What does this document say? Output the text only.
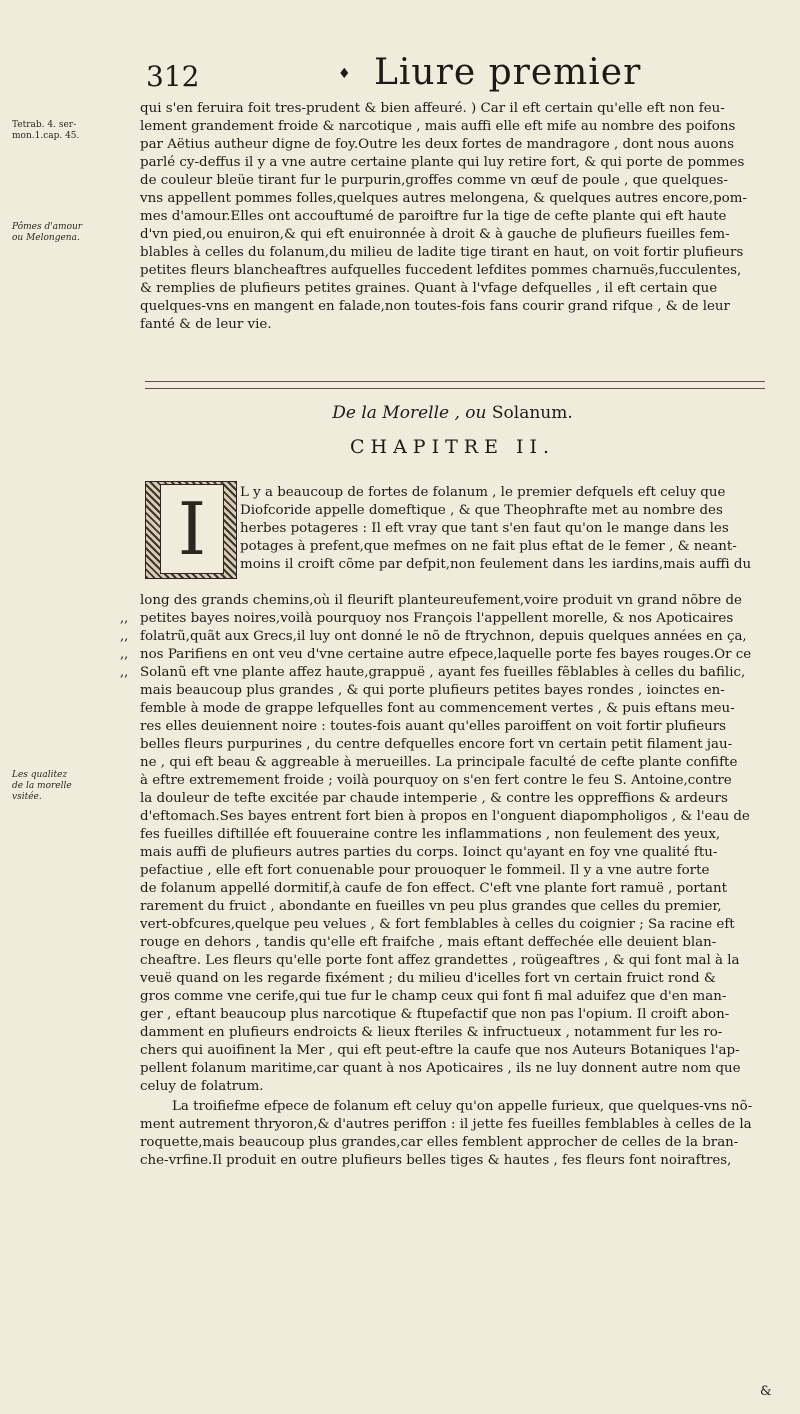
312	♦ Liure premier
Tetrab. 4. ser-
mon.1.cap. 45.
Pômes d'amour
ou Melongena.
Les qualitez
de la morelle
vsitée.
qui s'en feruira foit tres-prudent & bien affeuré. ) Car il eft certain qu'elle eft non feu-
lement grandement froide & narcotique , mais auffi elle eft mife au nombre des poifons
par Aëtius autheur digne de foy.Outre les deux fortes de mandragore , dont nous auons
parlé cy-deffus il y a vne autre certaine plante qui luy retire fort, & qui porte de pommes
de couleur bleüe tirant fur le purpurin,groffes comme vn œuf de poule , que quelques-
vns appellent pommes folles,quelques autres melongena, & quelques autres encore,pom-
mes d'amour.Elles ont accouftumé de paroiftre fur la tige de cefte plante qui eft haute
d'vn pied,ou enuiron,& qui eft enuironnée à droit & à gauche de plufieurs fueilles fem-
blables à celles du folanum,du milieu de ladite tige tirant en haut, on voit fortir plufieurs
petites fleurs blancheaftres aufquelles fuccedent lefdites pommes charnuës,fucculentes,
& remplies de plufieurs petites graines. Quant à l'vfage defquelles , il eft certain que
quelques-vns en mangent en falade,non toutes-fois fans courir grand rifque , & de leur
fanté & de leur vie.
De la Morelle , ou Solanum.
CHAPITRE II.
I	L y a beaucoup de fortes de folanum , le premier defquels eft celuy que
Diofcoride appelle domeftique , & que Theophrafte met au nombre des
herbes potageres : Il eft vray que tant s'en faut qu'on le mange dans les
potages à prefent,que mefmes on ne fait plus eftat de le femer , & neant-
moins il croift cõme par defpit,non feulement dans les iardins,mais auffi du
,,
,,
,,
,,
long des grands chemins,où il fleurift planteureufement,voire produit vn grand nõbre de
petites bayes noires,voilà pourquoy nos François l'appellent morelle, & nos Apoticaires
folatrũ,quãt aux Grecs,il luy ont donné le nõ de ftrychnon, depuis quelques années en ça,
nos Parifiens en ont veu d'vne certaine autre efpece,laquelle porte fes bayes rouges.Or ce
Solanũ eft vne plante affez haute,grappuë , ayant fes fueilles fẽblables à celles du bafilic,
mais beaucoup plus grandes , & qui porte plufieurs petites bayes rondes , ioinctes en-
femble à mode de grappe lefquelles font au commencement vertes , & puis eftans meu-
res elles deuiennent noire : toutes-fois auant qu'elles paroiffent on voit fortir plufieurs
belles fleurs purpurines , du centre defquelles encore fort vn certain petit filament jau-
ne , qui eft beau & aggreable à merueilles. La principale faculté de cefte plante confifte
à eftre extremement froide ; voilà pourquoy on s'en fert contre le feu S. Antoine,contre
la douleur de tefte excitée par chaude intemperie , & contre les oppreffions & ardeurs
d'eftomach.Ses bayes entrent fort bien à propos en l'onguent diapompholigos , & l'eau de
fes fueilles diftillée eft fouueraine contre les inflammations , non feulement des yeux,
mais auffi de plufieurs autres parties du corps. Ioinct qu'ayant en foy vne qualité ftu-
pefactiue , elle eft fort conuenable pour prouoquer le fommeil. Il y a vne autre forte
de folanum appellé dormitif,à caufe de fon effect. C'eft vne plante fort ramuë , portant
rarement du fruict , abondante en fueilles vn peu plus grandes que celles du premier,
vert-obfcures,quelque peu velues , & fort femblables à celles du coignier ; Sa racine eft
rouge en dehors , tandis qu'elle eft fraifche , mais eftant deffechée elle deuient blan-
cheaftre. Les fleurs qu'elle porte font affez grandettes , roügeaftres , & qui font mal à la
veuë quand on les regarde fixément ; du milieu d'icelles fort vn certain fruict rond &
gros comme vne cerife,qui tue fur le champ ceux qui font fi mal aduifez que d'en man-
ger , eftant beaucoup plus narcotique & ftupefactif que non pas l'opium. Il croift abon-
damment en plufieurs endroicts & lieux fteriles & infructueux , notamment fur les ro-
chers qui auoifinent la Mer , qui eft peut-eftre la caufe que nos Auteurs Botaniques l'ap-
pellent folanum maritime,car quant à nos Apoticaires , ils ne luy donnent autre nom que
celuy de folatrum.
La troifiefme efpece de folanum eft celuy qu'on appelle furieux, que quelques-vns nõ-
ment autrement thryoron,& d'autres periffon : il jette fes fueilles femblables à celles de la
roquette,mais beaucoup plus grandes,car elles femblent approcher de celles de la bran-
che-vrfine.Il produit en outre plufieurs belles tiges & hautes , fes fleurs font noiraftres,
&
